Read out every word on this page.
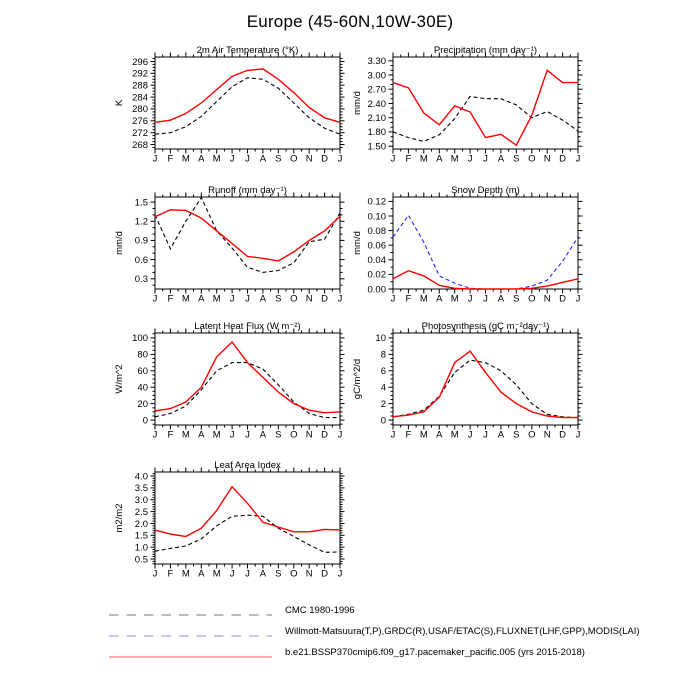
Europe (45-60N,10W-30E)
J F M A M J J A S O N D J
268
272
276
280
284
288
292
296
2m Air Temperature (°K)
K
J F M A M J J A S O N D J
1.50
1.80
2.10
2.40
2.70
3.00
3.30
Precipitation (mm day⁻¹)
mm/d
J F M A M J J A S O N D J
0.3
0.6
0.9
1.2
1.5
Runoff (mm day⁻¹)
mm/d
J F M A M J J A S O N D J
0.00
0.02
0.04
0.06
0.08
0.10
0.12
Snow Depth (m)
mm/d
J F M A M J J A S O N D J
0
20
40
60
80
100
Latent Heat Flux (W m⁻²)
W/m^2
J F M A M J J A S O N D J
0
2
4
6
8
10
Photosynthesis (gC m⁻²day⁻¹)
gC/m^2/d
J F M A M J J A S O N D J
0.5
1.0
1.5
2.0
2.5
3.0
3.5
4.0
Leaf Area Index
m2/m2
CMC 1980-1996
Willmott-Matsuura(T,P),GRDC(R),USAF/ETAC(S),FLUXNET(LHF,GPP),MODIS(LAI)
b.e21.BSSP370cmip6.f09_g17.pacemaker_pacific.005 (yrs 2015-2018)
